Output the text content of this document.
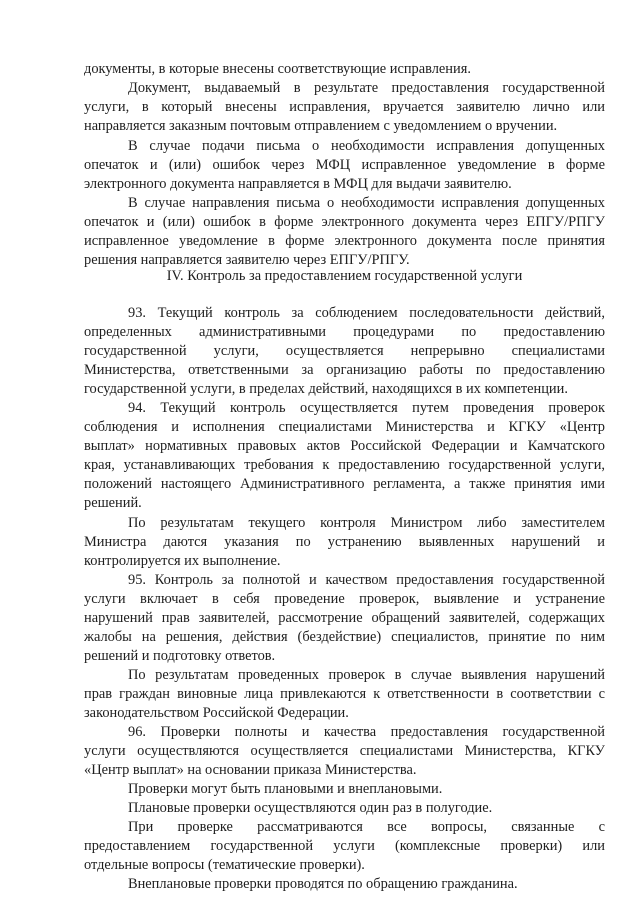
документы, в которые внесены соответствующие исправления.
Документ, выдаваемый в результате предоставления государственной
услуги, в который внесены исправления, вручается заявителю лично или
направляется заказным почтовым отправлением с уведомлением о вручении.
В случае подачи письма о необходимости исправления допущенных
опечаток и (или) ошибок через МФЦ исправленное уведомление в форме
электронного документа направляется в МФЦ для выдачи заявителю.
В случае направления письма о необходимости исправления допущенных
опечаток и (или) ошибок в форме электронного документа через ЕПГУ/РПГУ
исправленное уведомление в форме электронного документа после принятия
решения направляется заявителю через ЕПГУ/РПГУ.
IV. Контроль за предоставлением государственной услуги
93. Текущий контроль за соблюдением последовательности действий,
определенных административными процедурами по предоставлению
государственной услуги, осуществляется непрерывно специалистами
Министерства, ответственными за организацию работы по предоставлению
государственной услуги, в пределах действий, находящихся в их компетенции.
94. Текущий контроль осуществляется путем проведения проверок
соблюдения и исполнения специалистами Министерства и КГКУ «Центр
выплат» нормативных правовых актов Российской Федерации и Камчатского
края, устанавливающих требования к предоставлению государственной услуги,
положений настоящего Административного регламента, а также принятия ими
решений.
По результатам текущего контроля Министром либо заместителем
Министра даются указания по устранению выявленных нарушений и
контролируется их выполнение.
95. Контроль за полнотой и качеством предоставления государственной
услуги включает в себя проведение проверок, выявление и устранение
нарушений прав заявителей, рассмотрение обращений заявителей, содержащих
жалобы на решения, действия (бездействие) специалистов, принятие по ним
решений и подготовку ответов.
По результатам проведенных проверок в случае выявления нарушений
прав граждан виновные лица привлекаются к ответственности в соответствии с
законодательством Российской Федерации.
96. Проверки полноты и качества предоставления государственной
услуги осуществляются осуществляется специалистами Министерства, КГКУ
«Центр выплат» на основании приказа Министерства.
Проверки могут быть плановыми и внеплановыми.
Плановые проверки осуществляются один раз в полугодие.
При проверке рассматриваются все вопросы, связанные с
предоставлением государственной услуги (комплексные проверки) или
отдельные вопросы (тематические проверки).
Внеплановые проверки проводятся по обращению гражданина.
